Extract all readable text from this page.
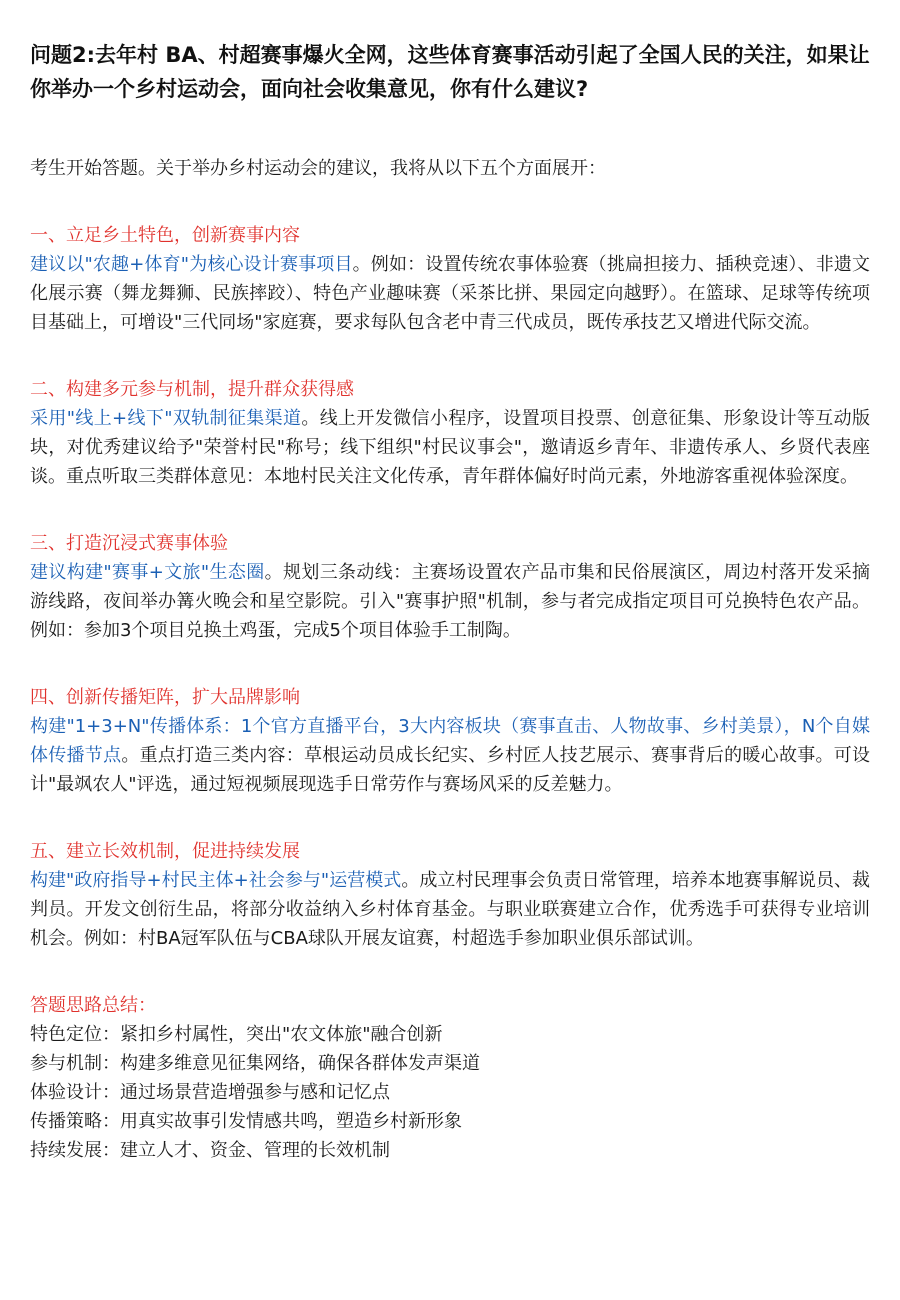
问题2:去年村 BA、村超赛事爆火全网，这些体育赛事活动引起了全国人民的关注，如果让你举办一个乡村运动会，面向社会收集意见，你有什么建议?

考生开始答题。关于举办乡村运动会的建议，我将从以下五个方面展开：

一、立足乡土特色，创新赛事内容

建议以"农趣+体育"为核心设计赛事项目。例如：设置传统农事体验赛（挑扁担接力、插秧竞速）、非遗文化展示赛（舞龙舞狮、民族摔跤）、特色产业趣味赛（采茶比拼、果园定向越野）。在篮球、足球等传统项目基础上，可增设"三代同场"家庭赛，要求每队包含老中青三代成员，既传承技艺又增进代际交流。

二、构建多元参与机制，提升群众获得感

采用"线上+线下"双轨制征集渠道。线上开发微信小程序，设置项目投票、创意征集、形象设计等互动版块，对优秀建议给予"荣誉村民"称号；线下组织"村民议事会"，邀请返乡青年、非遗传承人、乡贤代表座谈。重点听取三类群体意见：本地村民关注文化传承，青年群体偏好时尚元素，外地游客重视体验深度。

三、打造沉浸式赛事体验

建议构建"赛事+文旅"生态圈。规划三条动线：主赛场设置农产品市集和民俗展演区，周边村落开发采摘游线路，夜间举办篝火晚会和星空影院。引入"赛事护照"机制，参与者完成指定项目可兑换特色农产品。例如：参加3个项目兑换土鸡蛋，完成5个项目体验手工制陶。

四、创新传播矩阵，扩大品牌影响

构建"1+3+N"传播体系：1个官方直播平台，3大内容板块（赛事直击、人物故事、乡村美景），N个自媒体传播节点。重点打造三类内容：草根运动员成长纪实、乡村匠人技艺展示、赛事背后的暖心故事。可设计"最飒农人"评选，通过短视频展现选手日常劳作与赛场风采的反差魅力。

五、建立长效机制，促进持续发展

构建"政府指导+村民主体+社会参与"运营模式。成立村民理事会负责日常管理，培养本地赛事解说员、裁判员。开发文创衍生品，将部分收益纳入乡村体育基金。与职业联赛建立合作，优秀选手可获得专业培训机会。例如：村BA冠军队伍与CBA球队开展友谊赛，村超选手参加职业俱乐部试训。

答题思路总结：

特色定位：紧扣乡村属性，突出"农文体旅"融合创新

参与机制：构建多维意见征集网络，确保各群体发声渠道

体验设计：通过场景营造增强参与感和记忆点

传播策略：用真实故事引发情感共鸣，塑造乡村新形象

持续发展：建立人才、资金、管理的长效机制
